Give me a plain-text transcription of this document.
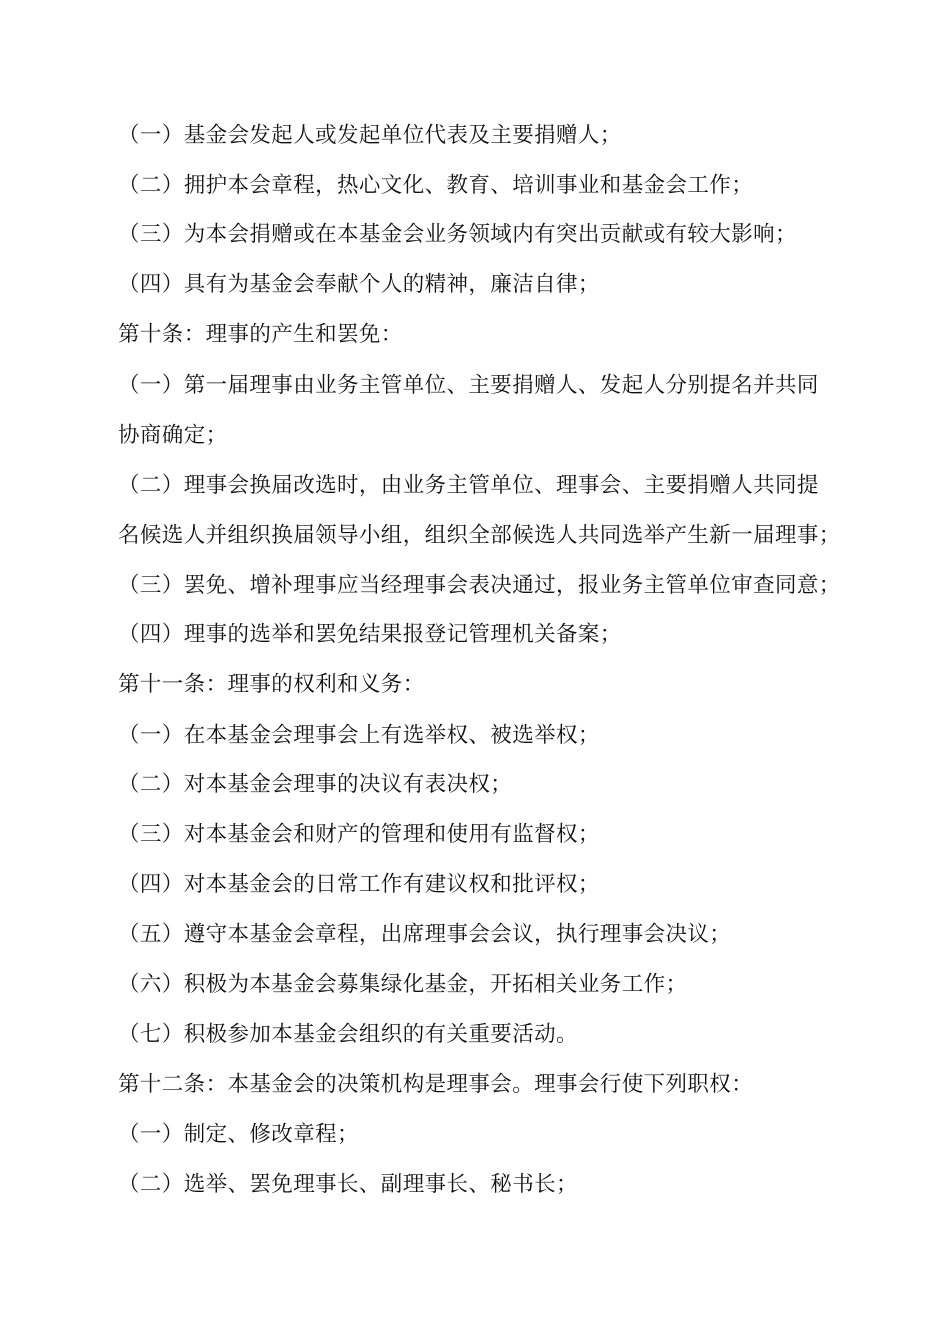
（一）基金会发起人或发起单位代表及主要捐赠人；
（二）拥护本会章程，热心文化、教育、培训事业和基金会工作；
（三）为本会捐赠或在本基金会业务领域内有突出贡献或有较大影响；
（四）具有为基金会奉献个人的精神，廉洁自律；
第十条：理事的产生和罢免：
（一）第一届理事由业务主管单位、主要捐赠人、发起人分别提名并共同
协商确定；
（二）理事会换届改选时，由业务主管单位、理事会、主要捐赠人共同提
名候选人并组织换届领导小组，组织全部候选人共同选举产生新一届理事；
（三）罢免、增补理事应当经理事会表决通过，报业务主管单位审查同意；
（四）理事的选举和罢免结果报登记管理机关备案；
第十一条：理事的权利和义务：
（一）在本基金会理事会上有选举权、被选举权；
（二）对本基金会理事的决议有表决权；
（三）对本基金会和财产的管理和使用有监督权；
（四）对本基金会的日常工作有建议权和批评权；
（五）遵守本基金会章程，出席理事会会议，执行理事会决议；
（六）积极为本基金会募集绿化基金，开拓相关业务工作；
（七）积极参加本基金会组织的有关重要活动。
第十二条：本基金会的决策机构是理事会。理事会行使下列职权：
（一）制定、修改章程；
（二）选举、罢免理事长、副理事长、秘书长；
